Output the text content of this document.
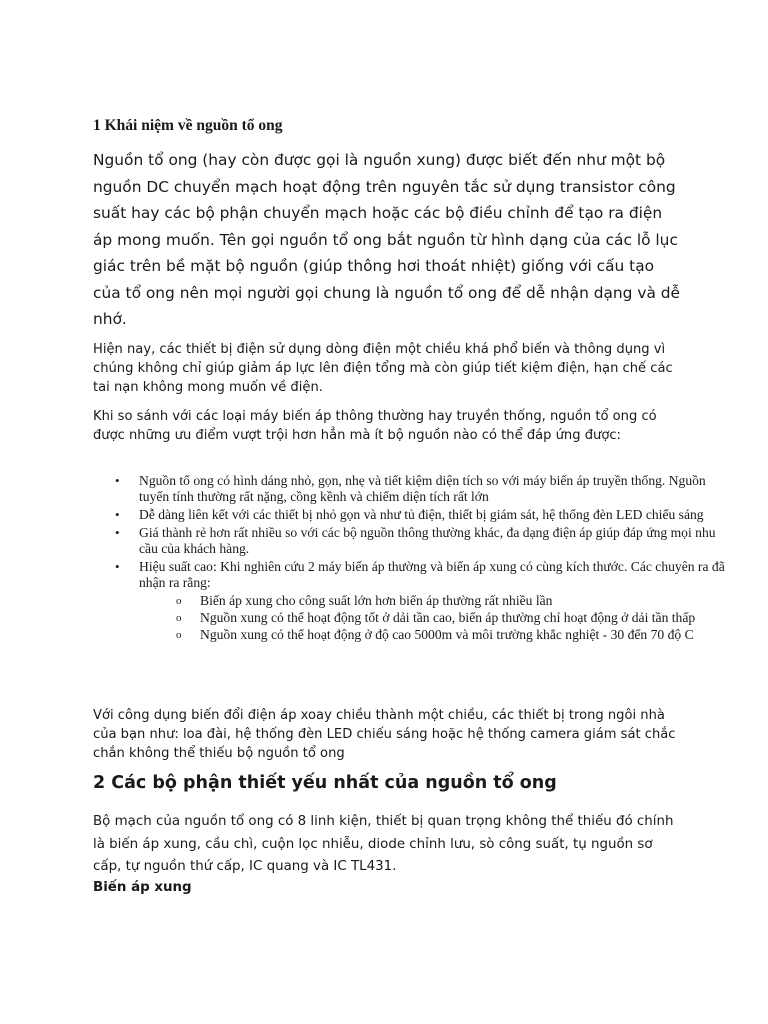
1 Khái niệm về nguồn tổ ong

Nguồn tổ ong (hay còn được gọi là nguồn xung) được biết đến như một bộ nguồn DC chuyển mạch hoạt động trên nguyên tắc sử dụng transistor công suất hay các bộ phận chuyển mạch hoặc các bộ điều chỉnh để tạo ra điện áp mong muốn. Tên gọi nguồn tổ ong bắt nguồn từ hình dạng của các lỗ lục giác trên bề mặt bộ nguồn (giúp thông hơi thoát nhiệt) giống với cấu tạo của tổ ong nên mọi người gọi chung là nguồn tổ ong để dễ nhận dạng và dễ nhớ.

Hiện nay, các thiết bị điện sử dụng dòng điện một chiều khá phổ biến và thông dụng vì chúng không chỉ giúp giảm áp lực lên điện tổng mà còn giúp tiết kiệm điện, hạn chế các tai nạn không mong muốn về điện.

Khi so sánh với các loại máy biến áp thông thường hay truyền thống, nguồn tổ ong có được những ưu điểm vượt trội hơn hẳn mà ít bộ nguồn nào có thể đáp ứng được:

• Nguồn tổ ong có hình dáng nhỏ, gọn, nhẹ và tiết kiệm diện tích so với máy biến áp truyền thống. Nguồn tuyến tính thường rất nặng, cồng kềnh và chiếm diện tích rất lớn
• Dễ dàng liên kết với các thiết bị nhỏ gọn và như tủ điện, thiết bị giám sát, hệ thống đèn LED chiếu sáng
• Giá thành rẻ hơn rất nhiều so với các bộ nguồn thông thường khác, đa dạng điện áp giúp đáp ứng mọi nhu cầu của khách hàng.
• Hiệu suất cao: Khi nghiên cứu 2 máy biến áp thường và biến áp xung có cùng kích thước. Các chuyên ra đã nhận ra rằng:
o Biến áp xung cho công suất lớn hơn biến áp thường rất nhiều lần
o Nguồn xung có thể hoạt động tốt ở dải tần cao, biến áp thường chỉ hoạt động ở dải tần thấp
o Nguồn xung có thể hoạt động ở độ cao 5000m và môi trường khắc nghiệt - 30 đến 70 độ C

Với công dụng biến đổi điện áp xoay chiều thành một chiều, các thiết bị trong ngôi nhà của bạn như: loa đài, hệ thống đèn LED chiếu sáng hoặc hệ thống camera giám sát chắc chắn không thể thiếu bộ nguồn tổ ong

2 Các bộ phận thiết yếu nhất của nguồn tổ ong

Bộ mạch của nguồn tổ ong có 8 linh kiện, thiết bị quan trọng không thể thiếu đó chính là biến áp xung, cầu chì, cuộn lọc nhiễu, diode chỉnh lưu, sò công suất, tụ nguồn sơ cấp, tự nguồn thứ cấp, IC quang và IC TL431.

Biến áp xung
